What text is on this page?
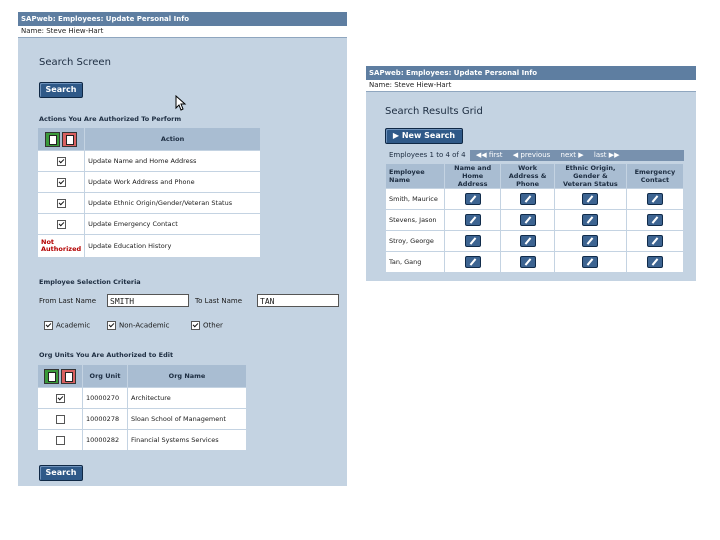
SAPweb: Employees: Update Personal Info
Name: Steve Hiew-Hart
Search Screen
Search
Actions You Are Authorized To Perform
	Action
	Update Name and Home Address
	Update Work Address and Phone
	Update Ethnic Origin/Gender/Veteran Status
	Update Emergency Contact
Not Authorized	Update Education History
Employee Selection Criteria
From Last Name	SMITH	To Last Name	TAN
Academic	Non-Academic	Other
Org Units You Are Authorized to Edit
	Org Unit	Org Name
	10000270	Architecture
	10000278	Sloan School of Management
	10000282	Financial Systems Services
Search
SAPweb: Employees: Update Personal Info
Name: Steve Hiew-Hart
Search Results Grid
▶ New Search
Employees 1 to 4 of 4 ◀◀ first ◀ previous next ▶ last ▶▶
Employee Name	Name and Home Address	Work Address & Phone	Ethnic Origin, Gender & Veteran Status	Emergency Contact
Smith, Maurice				
Stevens, Jason				
Stroy, George				
Tan, Gang				
